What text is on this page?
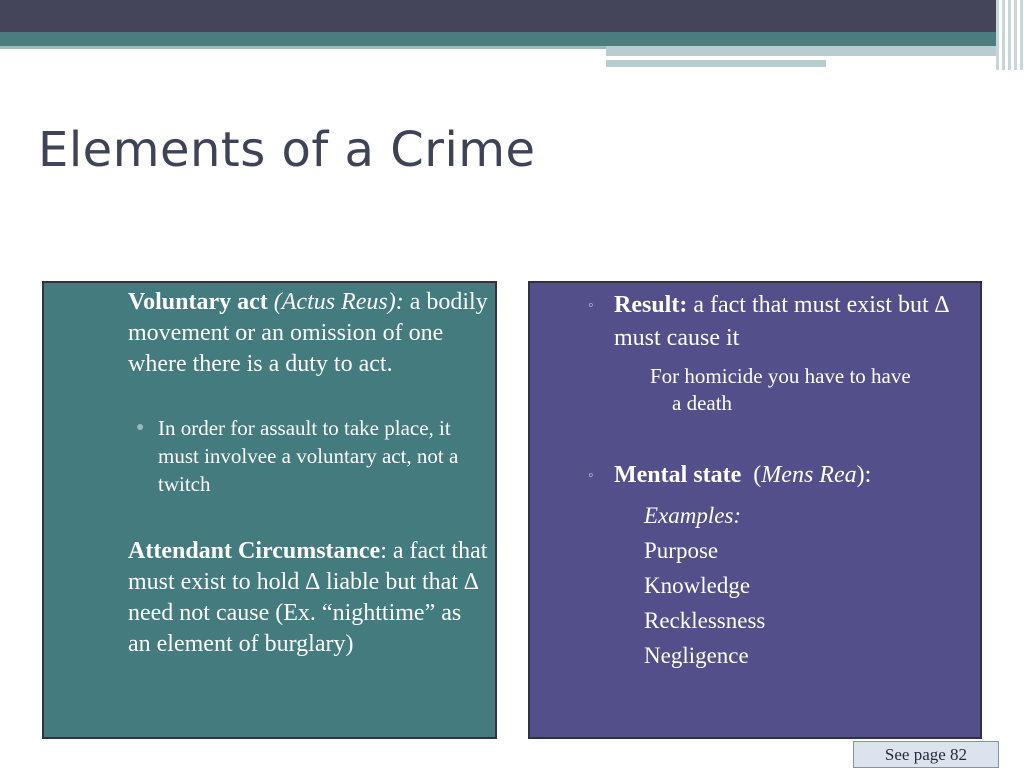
Elements of a Crime
Voluntary act (Actus Reus): a bodily movement or an omission of one where there is a duty to act.
● In order for assault to take place, it must involvee a voluntary act, not a twitch
Attendant Circumstance: a fact that must exist to hold ∆ liable but that ∆ need not cause (Ex. “nighttime” as an element of burglary)
◦ Result: a fact that must exist but ∆ must cause it
For homicide you have to have
a death
◦ Mental state (Mens Rea):
Examples:
Purpose
Knowledge
Recklessness
Negligence
See page 82
